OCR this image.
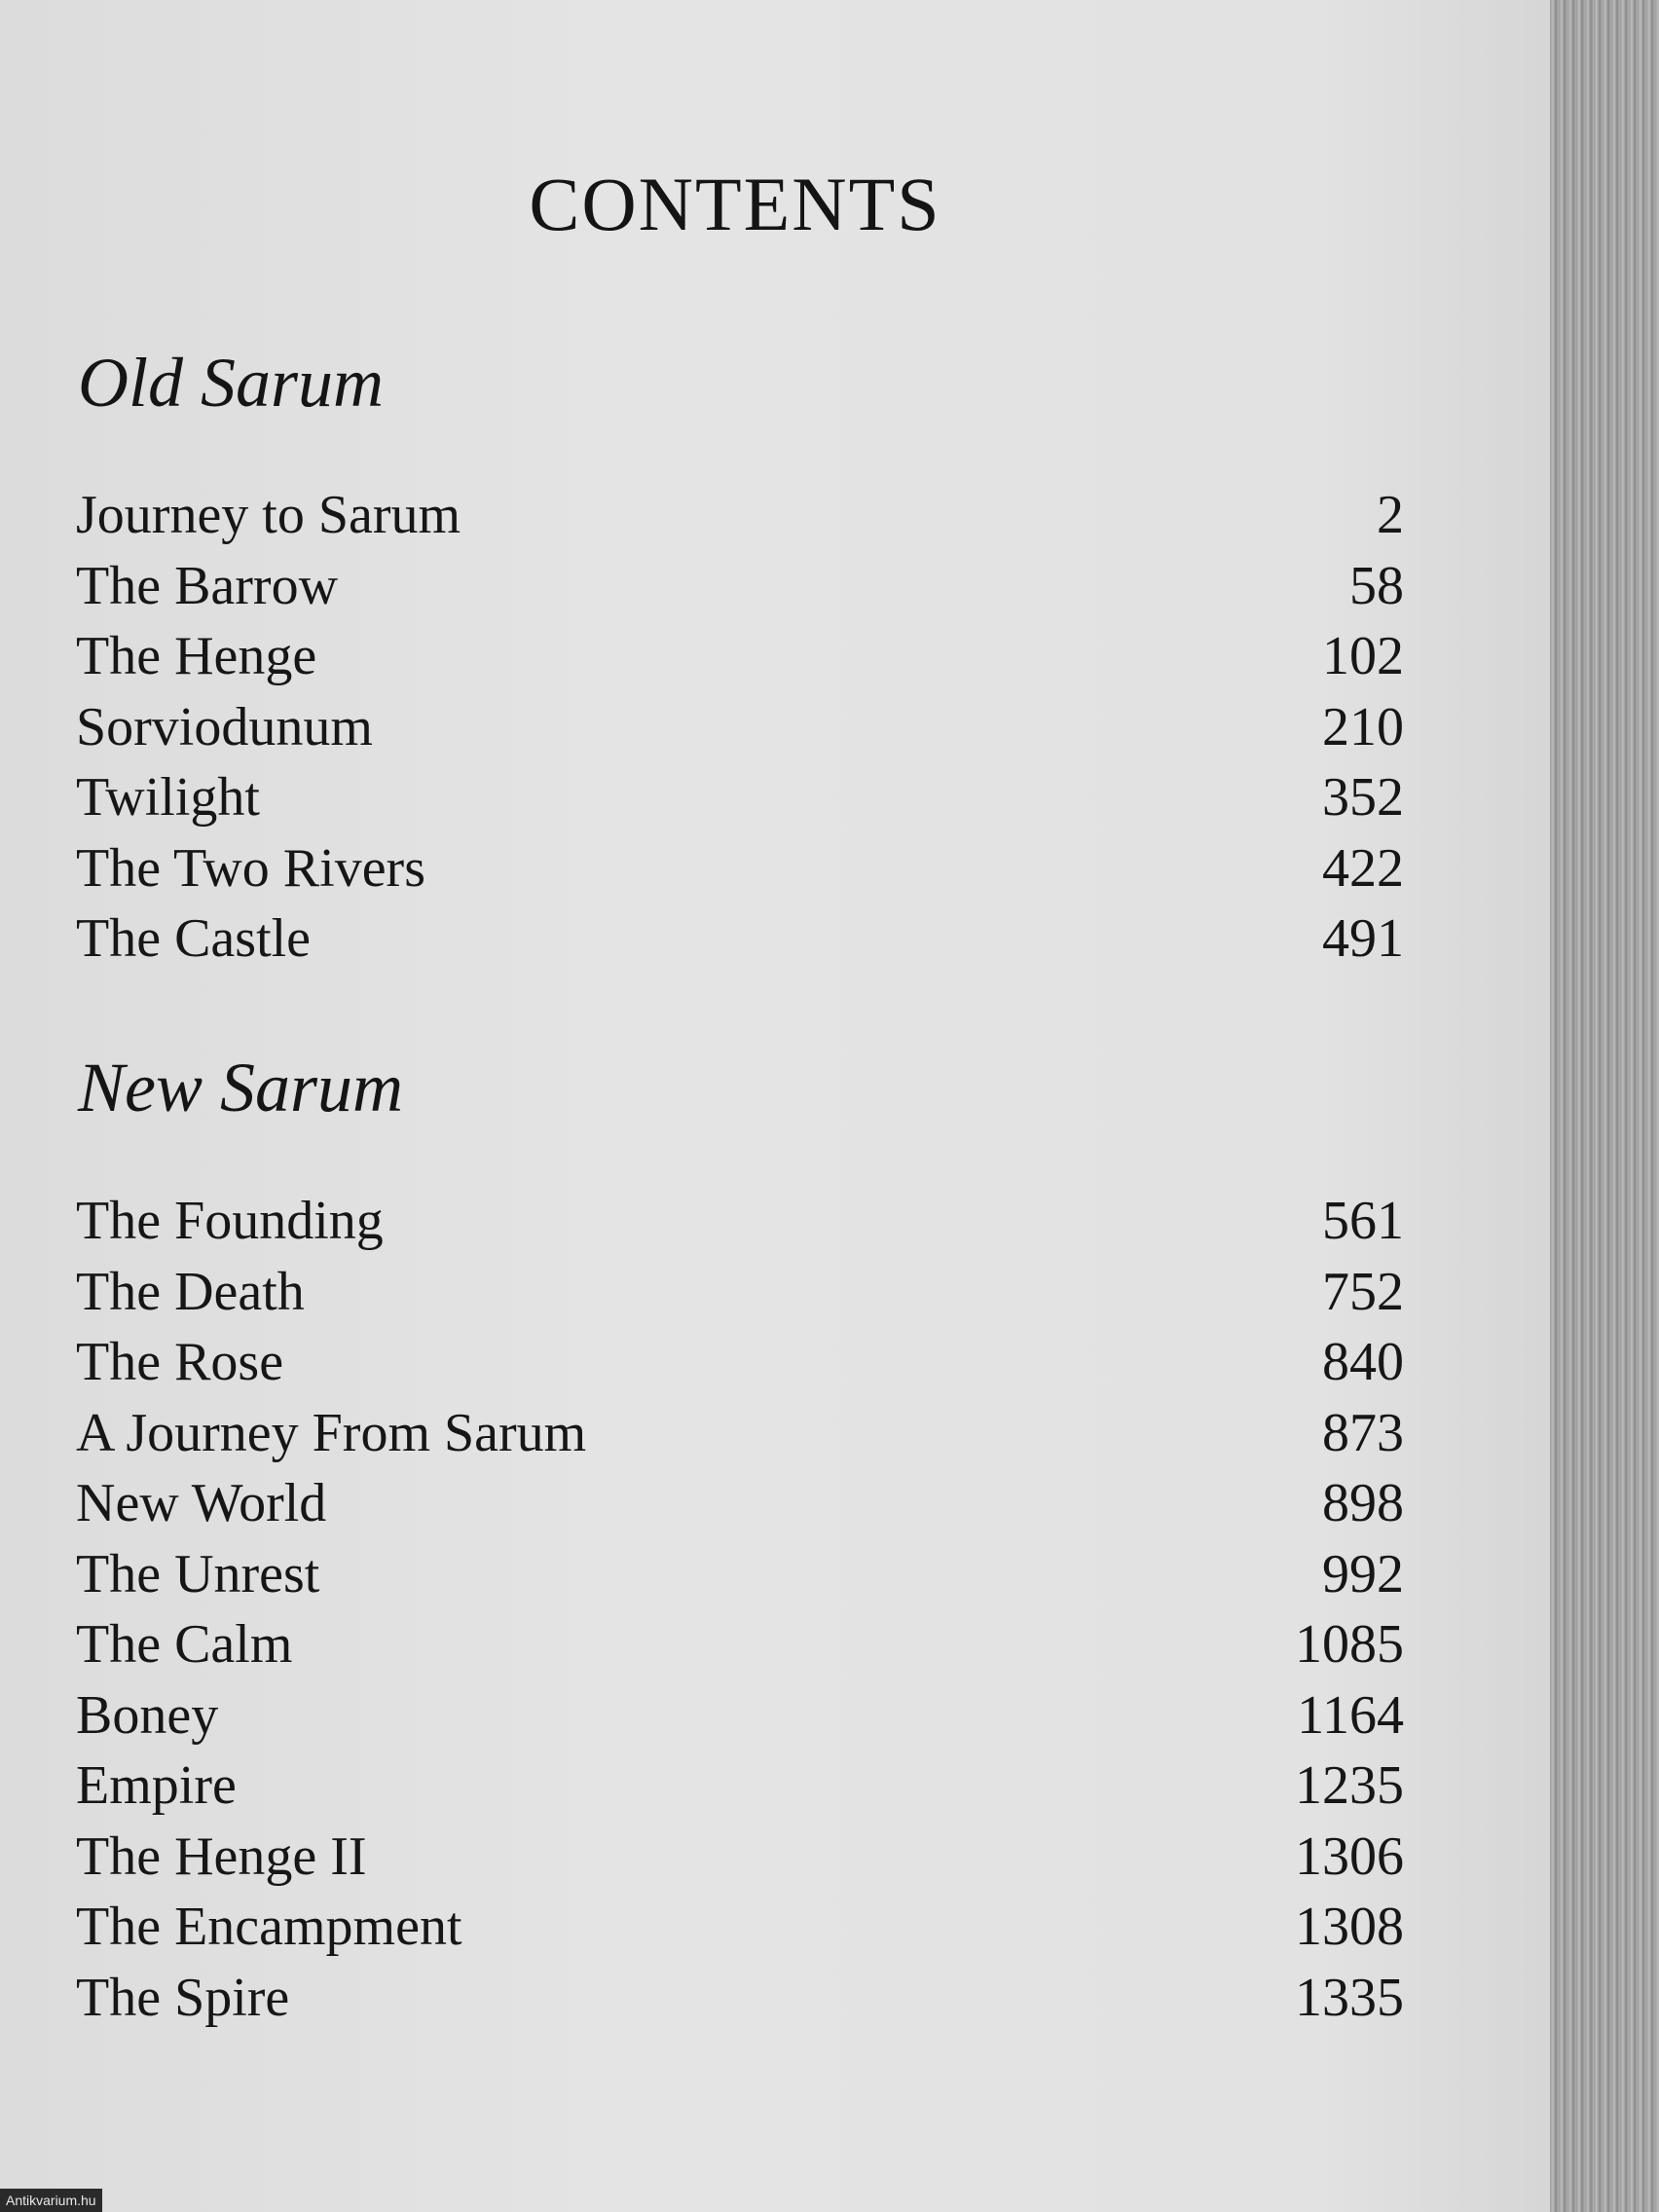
CONTENTS
Old Sarum
Journey to Sarum	2
The Barrow	58
The Henge	102
Sorviodunum	210
Twilight	352
The Two Rivers	422
The Castle	491
New Sarum
The Founding	561
The Death	752
The Rose	840
A Journey From Sarum	873
New World	898
The Unrest	992
The Calm	1085
Boney	1164
Empire	1235
The Henge II	1306
The Encampment	1308
The Spire	1335
Antikvarium.hu
